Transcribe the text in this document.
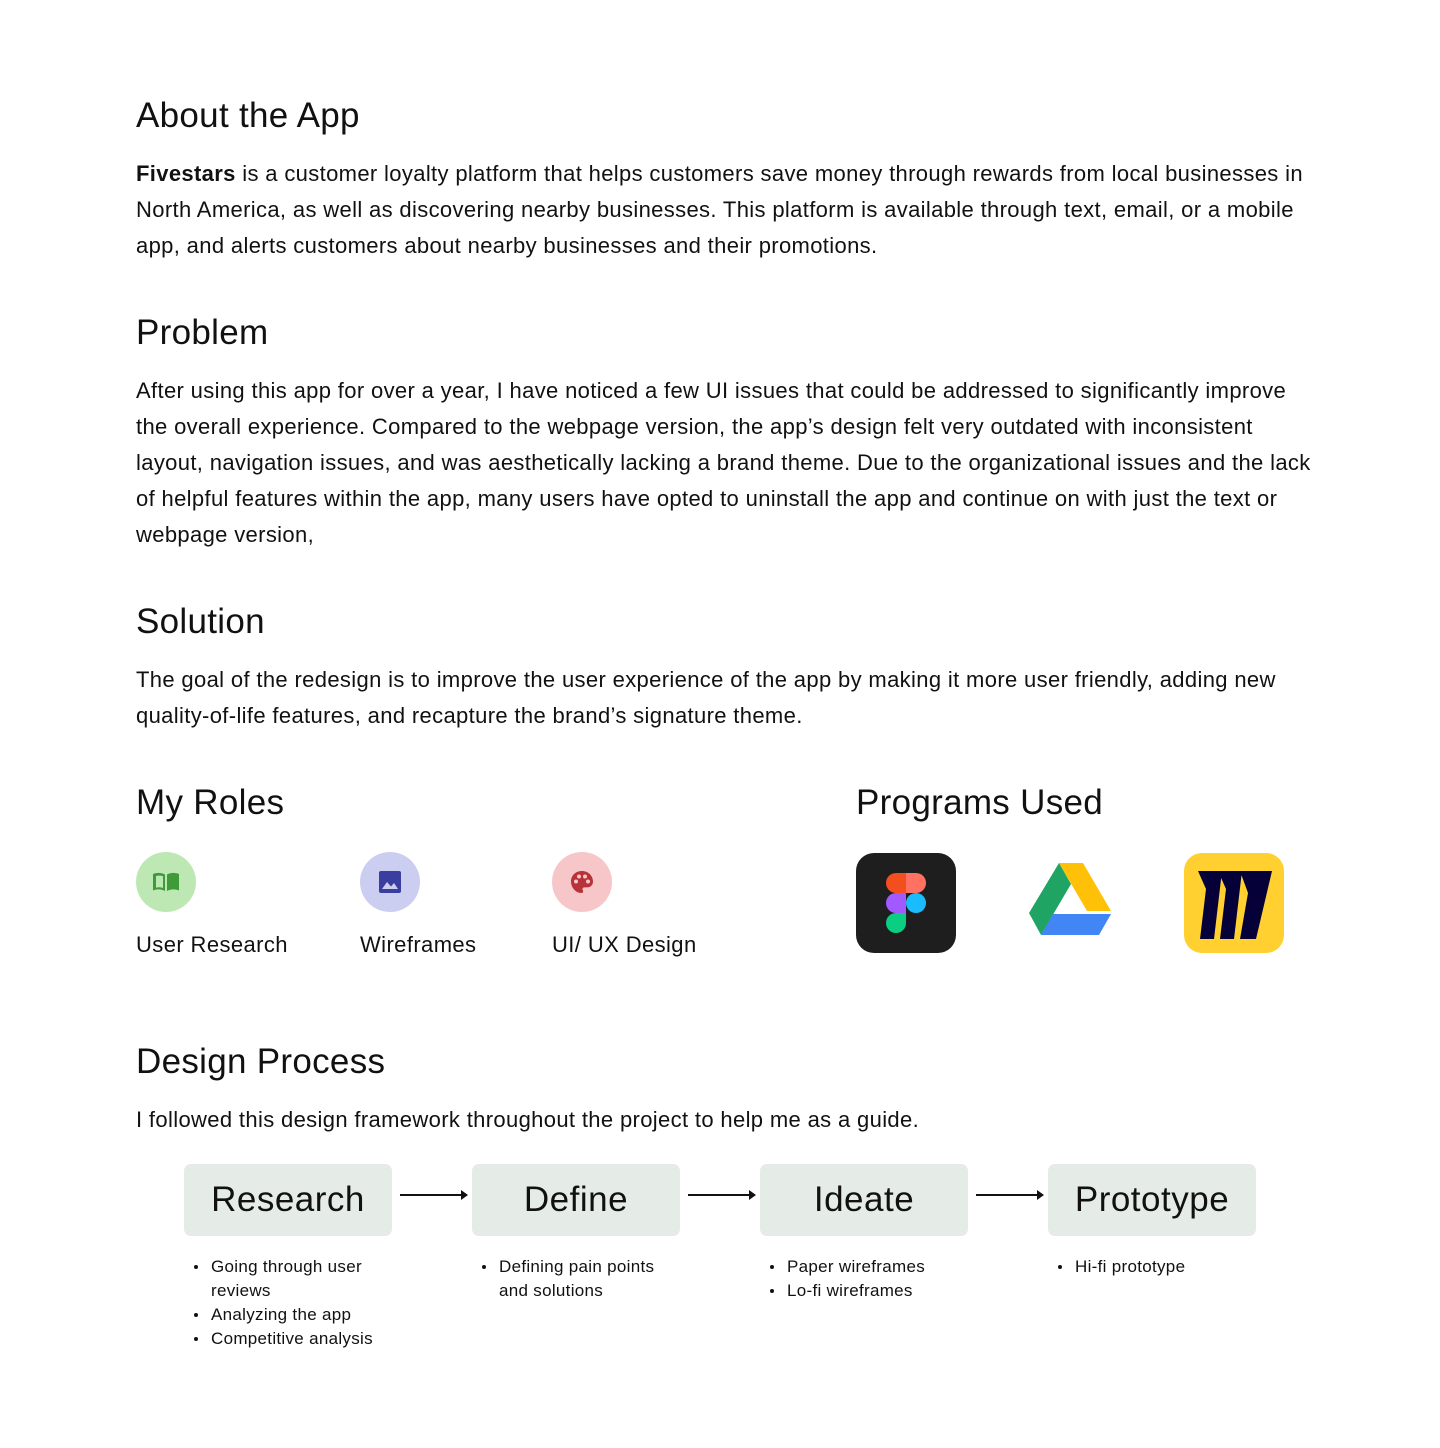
About the App

Fivestars is a customer loyalty platform that helps customers save money through rewards from local businesses in North America, as well as discovering nearby businesses. This platform is available through text, email, or a mobile app, and alerts customers about nearby businesses and their promotions.

Problem

After using this app for over a year, I have noticed a few UI issues that could be addressed to significantly improve the overall experience. Compared to the webpage version, the app’s design felt very outdated with inconsistent layout, navigation issues, and was aesthetically lacking a brand theme. Due to the organizational issues and the lack of helpful features within the app, many users have opted to uninstall the app and continue on with just the text or webpage version,

Solution

The goal of the redesign is to improve the user experience of the app by making it more user friendly, adding new quality-of-life features, and recapture the brand’s signature theme.

My Roles
User Research	Wireframes	UI/ UX Design
Programs Used
Design Process

I followed this design framework throughout the project to help me as a guide.

Research	Define	Ideate	Prototype
Going through user reviews
Analyzing the app
Competitive analysis
Defining pain points and solutions
Paper wireframes
Lo-fi wireframes
Hi-fi prototype
